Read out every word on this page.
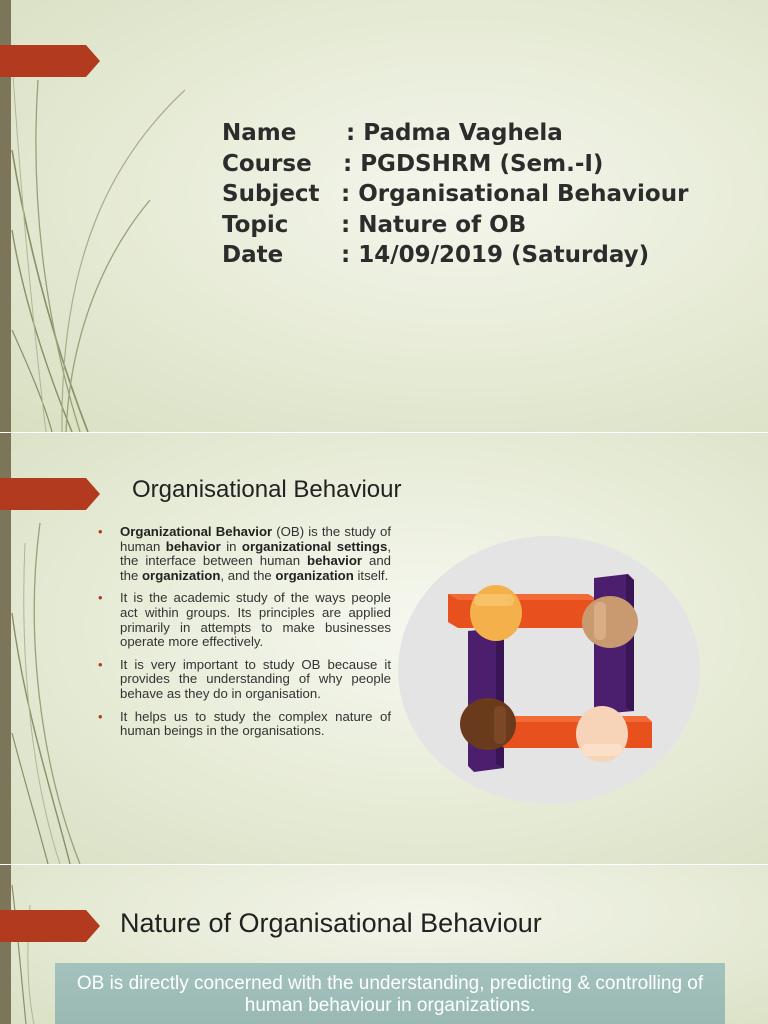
Name : Padma Vaghela
Course : PGDSHRM (Sem.-I)
Subject : Organisational Behaviour
Topic : Nature of OB
Date	: 14/09/2019 (Saturday)
Organisational Behaviour
• Organizational Behavior (OB) is the study of human behavior in organizational settings, the interface between human behavior and the organization, and the organization itself.
• It is the academic study of the ways people act within groups. Its principles are applied primarily in attempts to make businesses operate more effectively.
• It is very important to study OB because it provides the understanding of why people behave as they do in organisation.
• It helps us to study the complex nature of human beings in the organisations.
Nature of Organisational Behaviour
OB is directly concerned with the understanding, predicting & controlling of human behaviour in organizations.
